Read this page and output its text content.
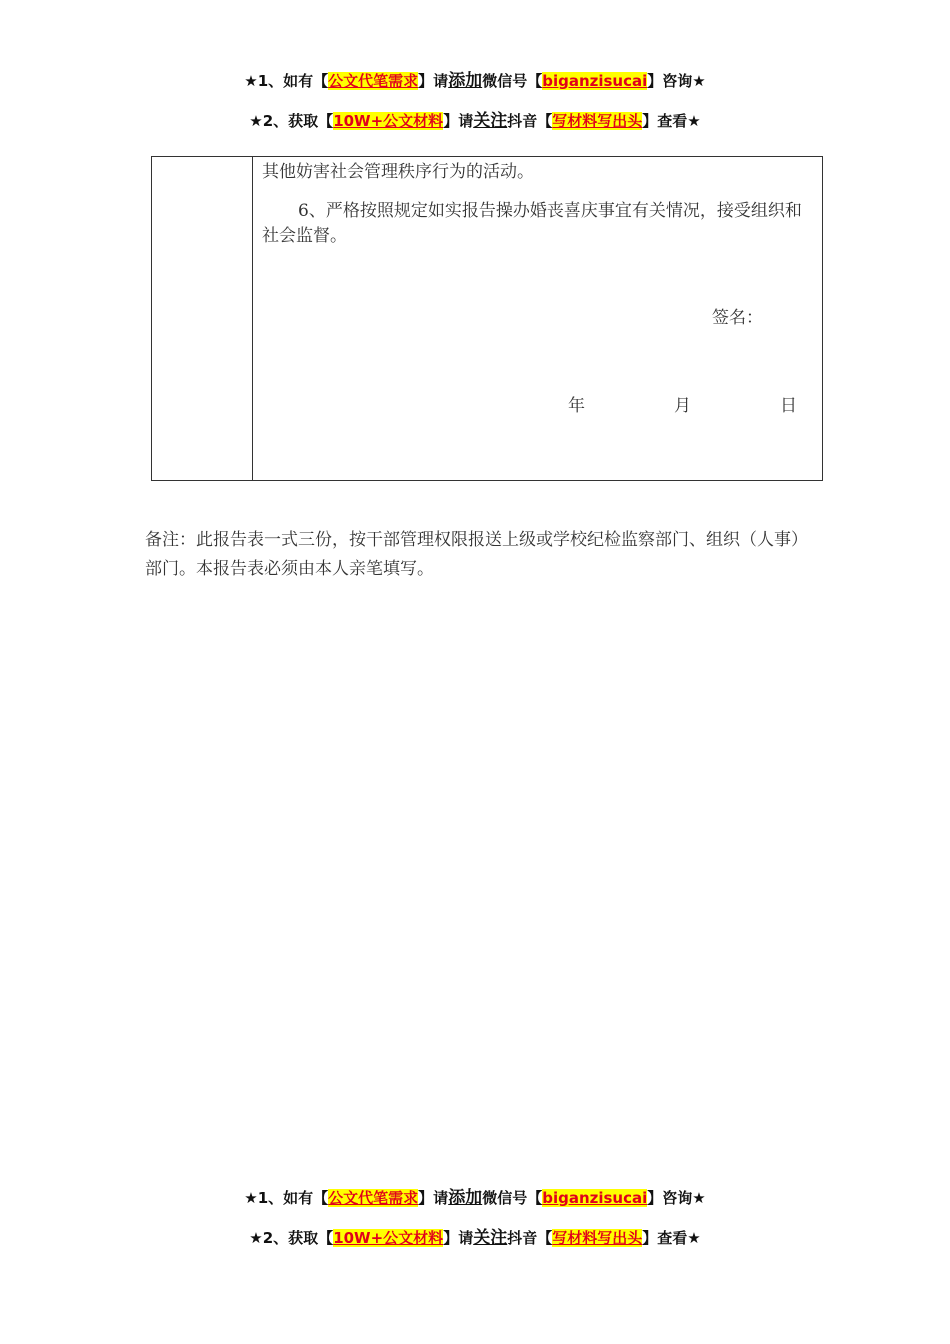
★1、如有【公文代笔需求】请添加微信号【biganzisucai】咨询★
★2、获取【10W+公文材料】请关注抖音【写材料写出头】查看★
其他妨害社会管理秩序行为的活动。
6、严格按照规定如实报告操办婚丧喜庆事宜有关情况，接受组织和社会监督。
签名：
年	月	日
备注：此报告表一式三份，按干部管理权限报送上级或学校纪检监察部门、组织（人事）部门。本报告表必须由本人亲笔填写。
★1、如有【公文代笔需求】请添加微信号【biganzisucai】咨询★
★2、获取【10W+公文材料】请关注抖音【写材料写出头】查看★
